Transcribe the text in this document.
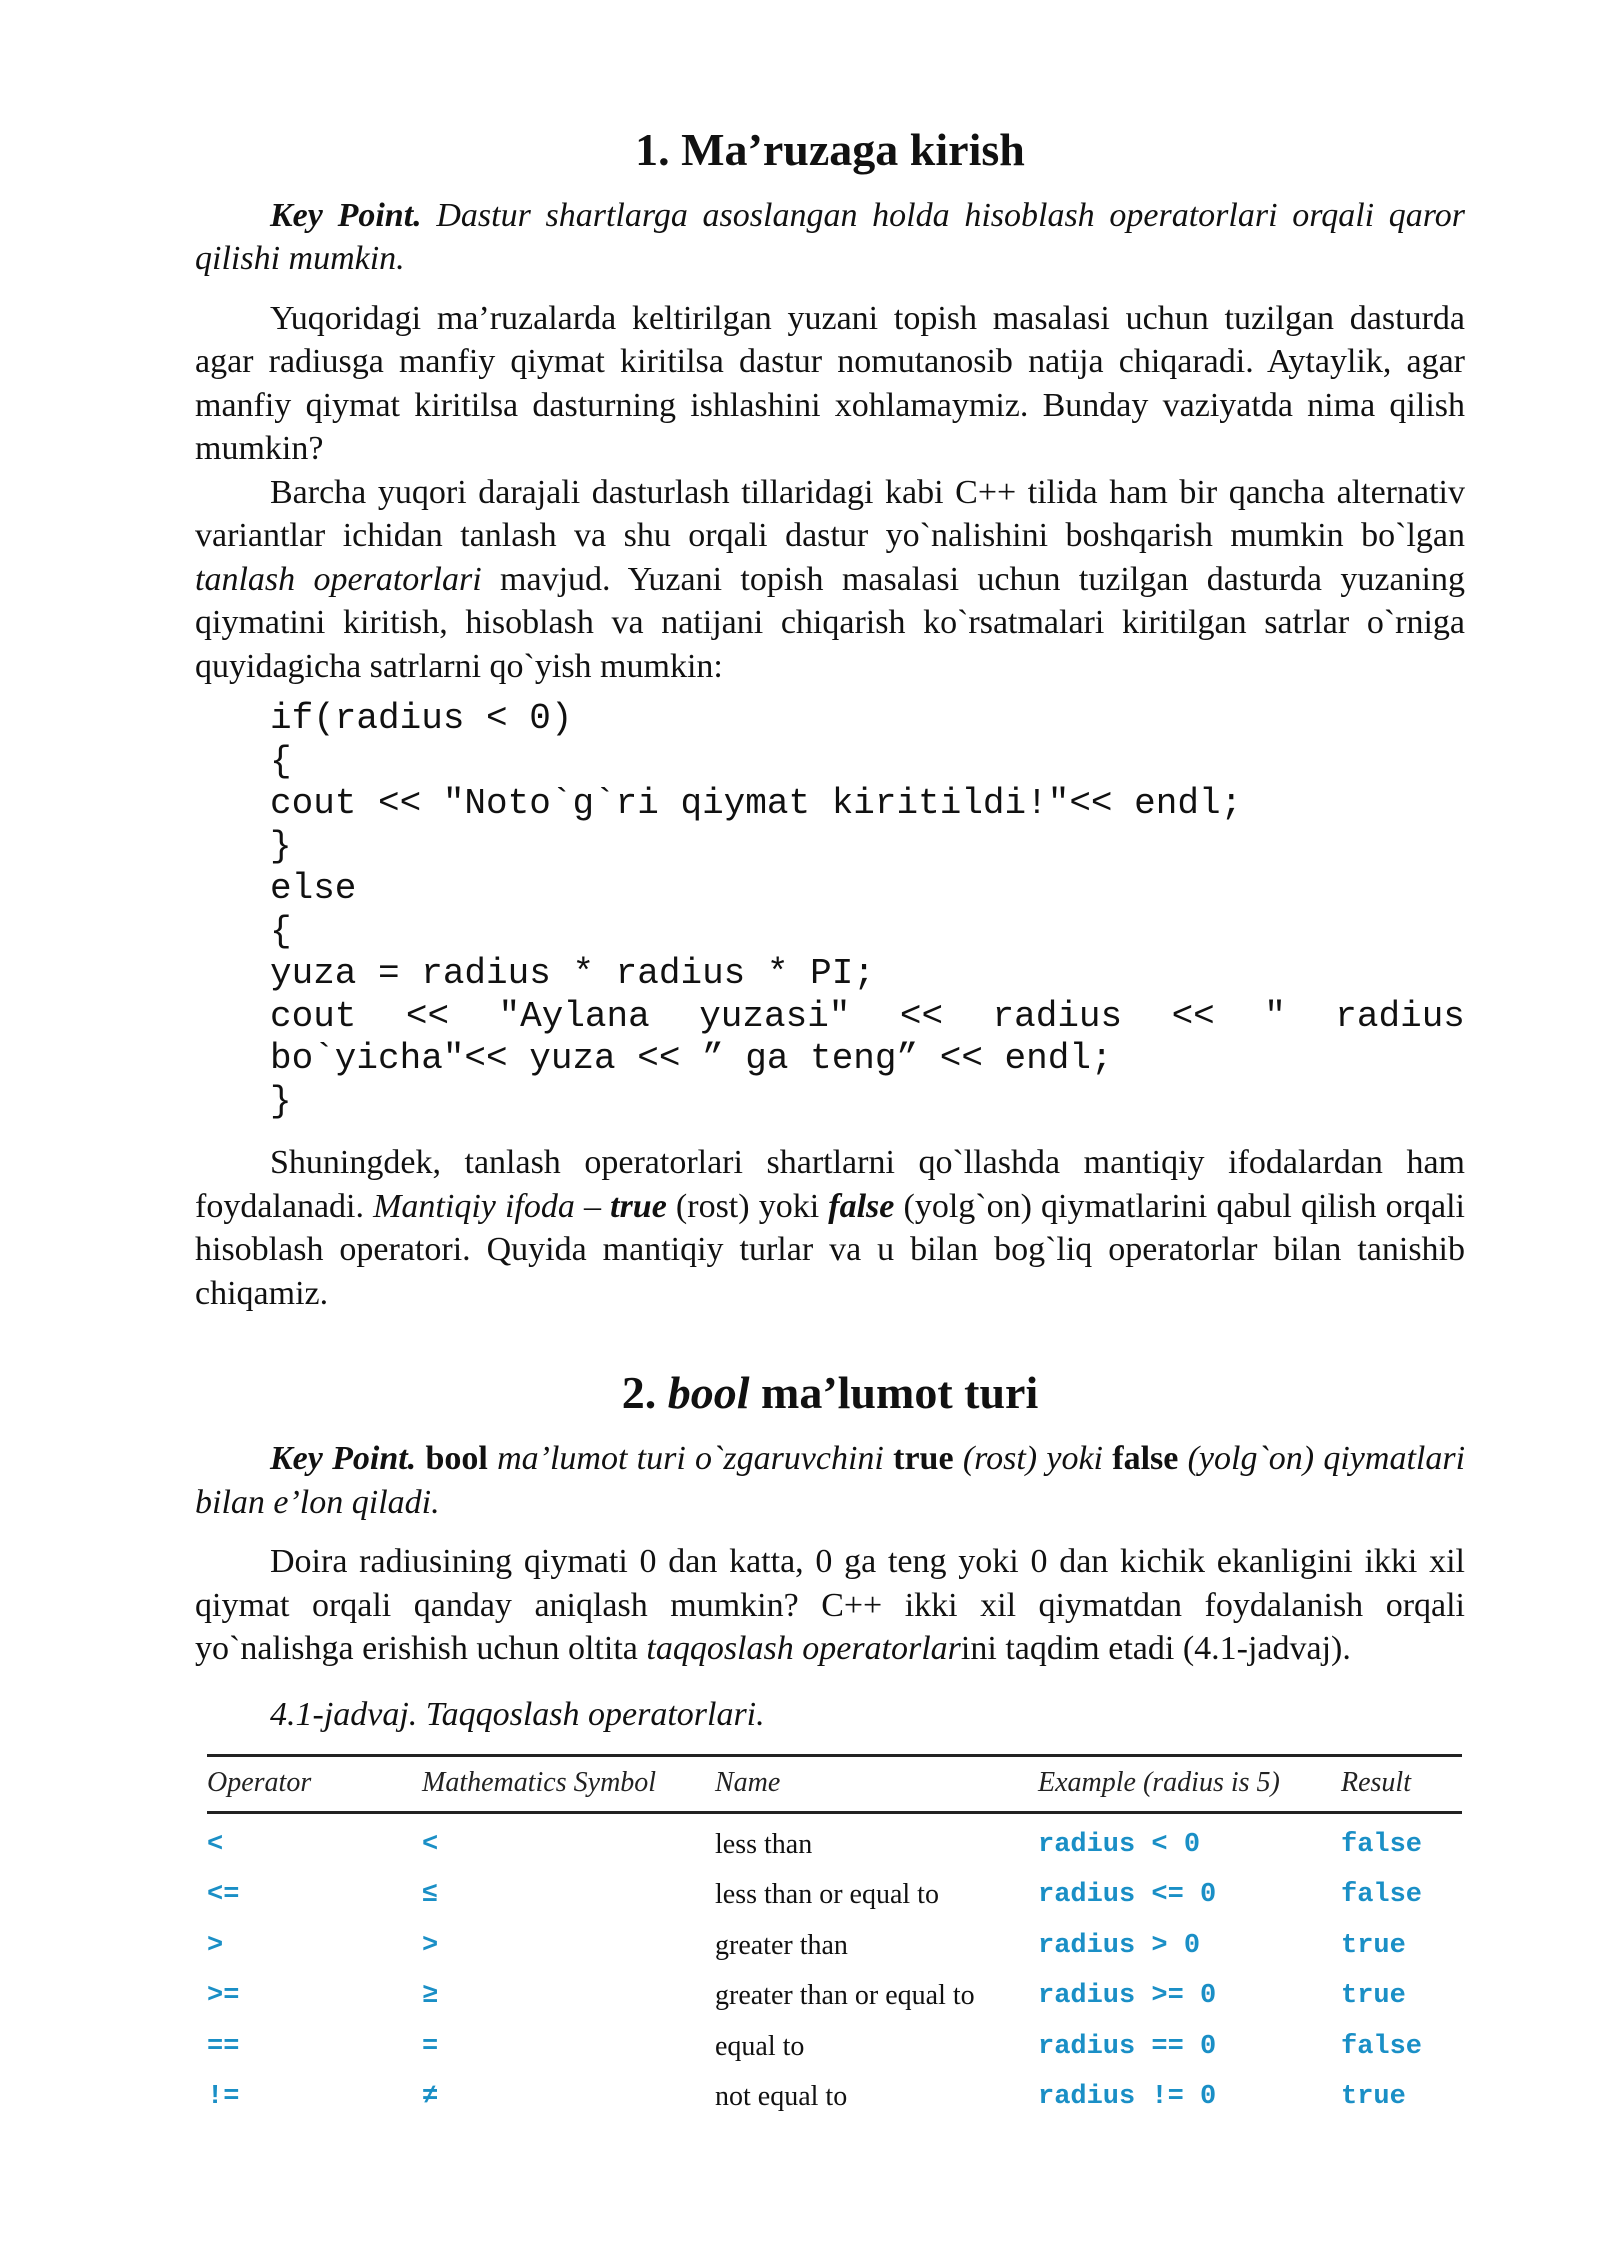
1. Ma’ruzaga kirish

Key Point. Dastur shartlarga asoslangan holda hisoblash operatorlari orqali qaror qilishi mumkin.

Yuqoridagi ma’ruzalarda keltirilgan yuzani topish masalasi uchun tuzilgan dasturda agar radiusga manfiy qiymat kiritilsa dastur nomutanosib natija chiqaradi. Aytaylik, agar manfiy qiymat kiritilsa dasturning ishlashini xohlamaymiz. Bunday vaziyatda nima qilish mumkin?

Barcha yuqori darajali dasturlash tillaridagi kabi C++ tilida ham bir qancha alternativ variantlar ichidan tanlash va shu orqali dastur yo`nalishini boshqarish mumkin bo`lgan tanlash operatorlari mavjud. Yuzani topish masalasi uchun tuzilgan dasturda yuzaning qiymatini kiritish, hisoblash va natijani chiqarish ko`rsatmalari kiritilgan satrlar o`rniga quyidagicha satrlarni qo`yish mumkin:

if(radius < 0)
{
cout << "Noto`g`ri qiymat kiritildi!"<< endl;
}
else
{
yuza = radius * radius * PI;
cout << "Aylana yuzasi" << radius << " radius
bo`yicha"<< yuza << ” ga teng” << endl;
}

Shuningdek, tanlash operatorlari shartlarni qo`llashda mantiqiy ifodalardan ham foydalanadi. Mantiqiy ifoda – true (rost) yoki false (yolg`on) qiymatlarini qabul qilish orqali hisoblash operatori. Quyida mantiqiy turlar va u bilan bog`liq operatorlar bilan tanishib chiqamiz.

2. bool ma’lumot turi

Key Point. bool ma’lumot turi o`zgaruvchini true (rost) yoki false (yolg`on) qiymatlari bilan e’lon qiladi.

Doira radiusining qiymati 0 dan katta, 0 ga teng yoki 0 dan kichik ekanligini ikki xil qiymat orqali qanday aniqlash mumkin? C++ ikki xil qiymatdan foydalanish orqali yo`nalishga erishish uchun oltita taqqoslash operatorlarini taqdim etadi (4.1-jadvaj).

4.1-jadvaj. Taqqoslash operatorlari.
Operator	Mathematics Symbol	Name	Example (radius is 5)	Result
<	<	less than	radius < 0	false
<=	≤	less than or equal to	radius <= 0	false
>	>	greater than	radius > 0	true
>=	≥	greater than or equal to	radius >= 0	true
==	=	equal to	radius == 0	false
!=	≠	not equal to	radius != 0	true
